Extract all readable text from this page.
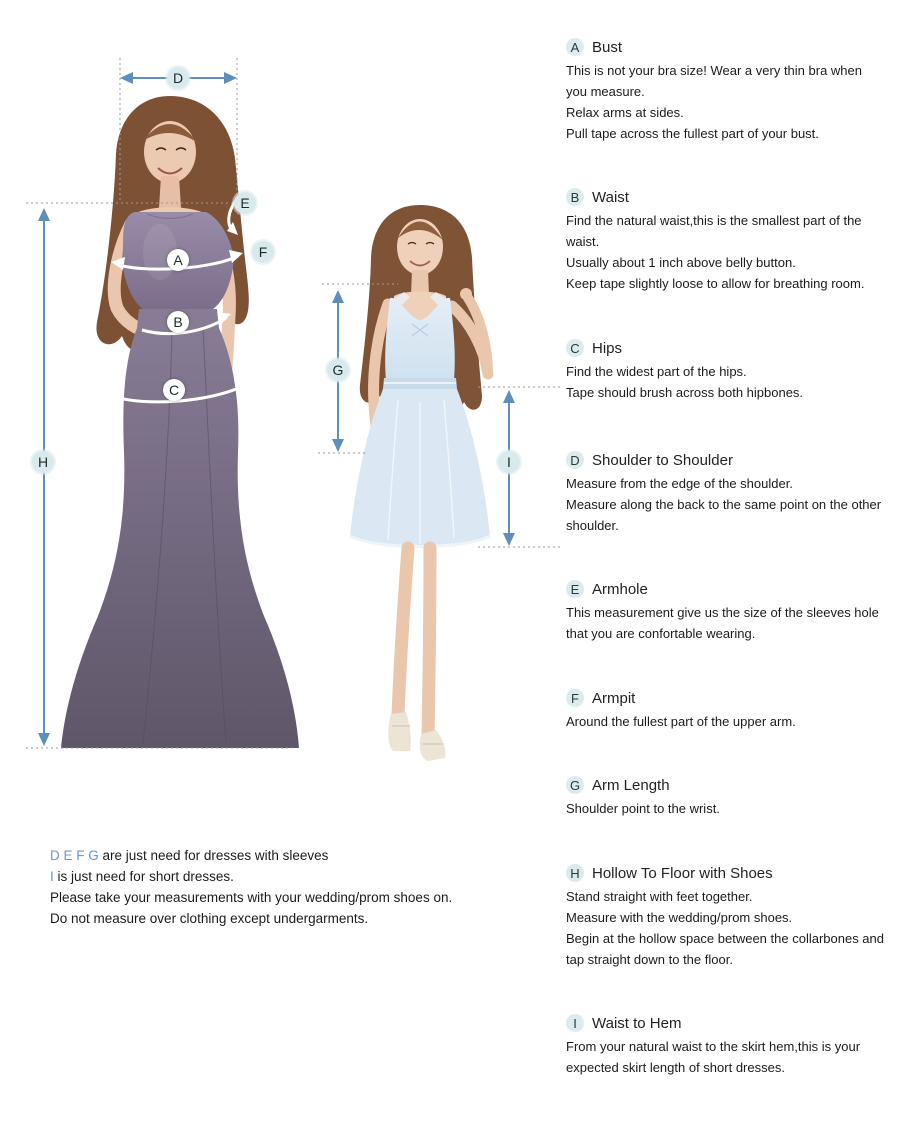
D
E
F
A
B
C
H
G
I
A Bust
This is not your bra size! Wear a very thin bra when
you measure.
Relax arms at sides.
Pull tape across the fullest part of your bust.
B Waist
Find the natural waist,this is the smallest part of the
waist.
Usually about 1 inch above belly button.
Keep tape slightly loose to allow for breathing room.
C Hips
Find the widest part of the hips.
Tape should brush across both hipbones.
D Shoulder to Shoulder
Measure from the edge of the shoulder.
Measure along the back to the same point on the other
shoulder.
E Armhole
This measurement give us the size of the sleeves hole
that you are confortable wearing.
F Armpit
Around the fullest part of the upper arm.
G Arm Length
Shoulder point to the wrist.
H Hollow To Floor with Shoes
Stand straight with feet together.
Measure with the wedding/prom shoes.
Begin at the hollow space between the collarbones and
tap straight down to the floor.
I	Waist to Hem
From your natural waist to the skirt hem,this is your
expected skirt length of short dresses.
D E F G are just need for dresses with sleeves
I is just need for short dresses.
Please take your measurements with your wedding/prom shoes on.
Do not measure over clothing except undergarments.
